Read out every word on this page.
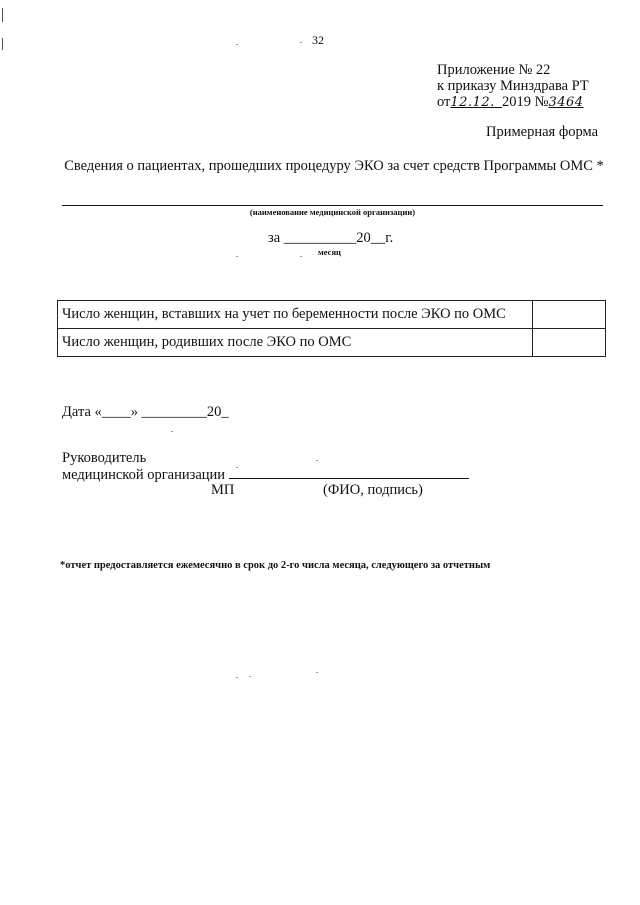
32
Приложение № 22
к приказу Минздрава РТ
от12.12. 2019 №3464
Примерная форма
Сведения о пациентах, прошедших процедуру ЭКО за счет средств Программы ОМС *
(наименование медицинской организации)
за __________20__г.
месяц
Число женщин, вставших на учет по беременности после ЭКО по ОМС	
Число женщин, родивших после ЭКО по ОМС	
Дата «____» _________20_
Руководитель
медицинской организации
МП	(ФИО, подпись)
*отчет предоставляется ежемесячно в срок до 2-го числа месяца, следующего за отчетным
